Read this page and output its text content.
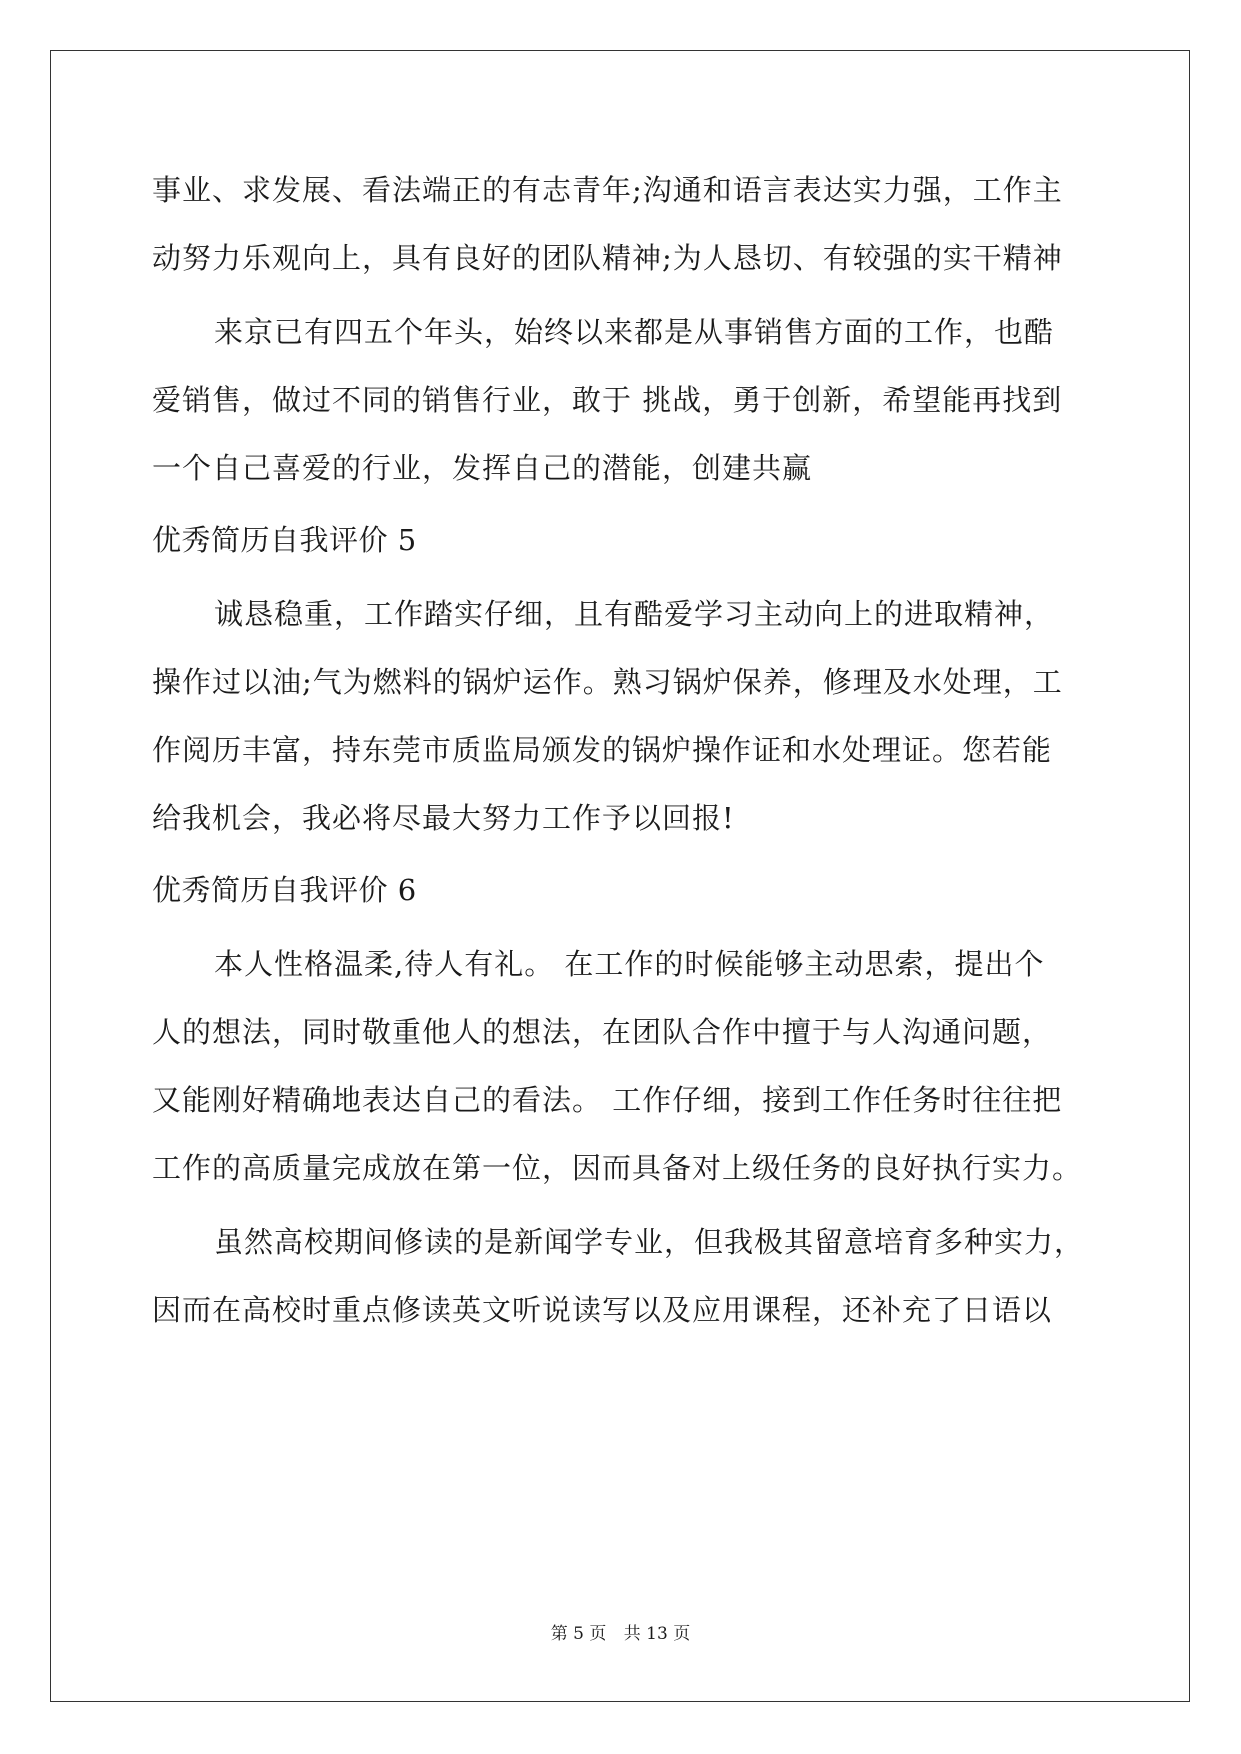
事业、求发展、看法端正的有志青年;沟通和语言表达实力强，工作主
动努力乐观向上，具有良好的团队精神;为人恳切、有较强的实干精神
来京已有四五个年头，始终以来都是从事销售方面的工作，也酷
爱销售，做过不同的销售行业，敢于 挑战，勇于创新，希望能再找到
一个自己喜爱的行业，发挥自己的潜能，创建共赢
优秀简历自我评价 5
诚恳稳重，工作踏实仔细，且有酷爱学习主动向上的进取精神，
操作过以油;气为燃料的锅炉运作。熟习锅炉保养，修理及水处理，工
作阅历丰富，持东莞市质监局颁发的锅炉操作证和水处理证。您若能
给我机会，我必将尽最大努力工作予以回报!
优秀简历自我评价 6
本人性格温柔,待人有礼。 在工作的时候能够主动思索，提出个
人的想法，同时敬重他人的想法，在团队合作中擅于与人沟通问题，
又能刚好精确地表达自己的看法。 工作仔细，接到工作任务时往往把
工作的高质量完成放在第一位，因而具备对上级任务的良好执行实力。
虽然高校期间修读的是新闻学专业，但我极其留意培育多种实力，
因而在高校时重点修读英文听说读写以及应用课程，还补充了日语以
第 5 页 共 13 页
